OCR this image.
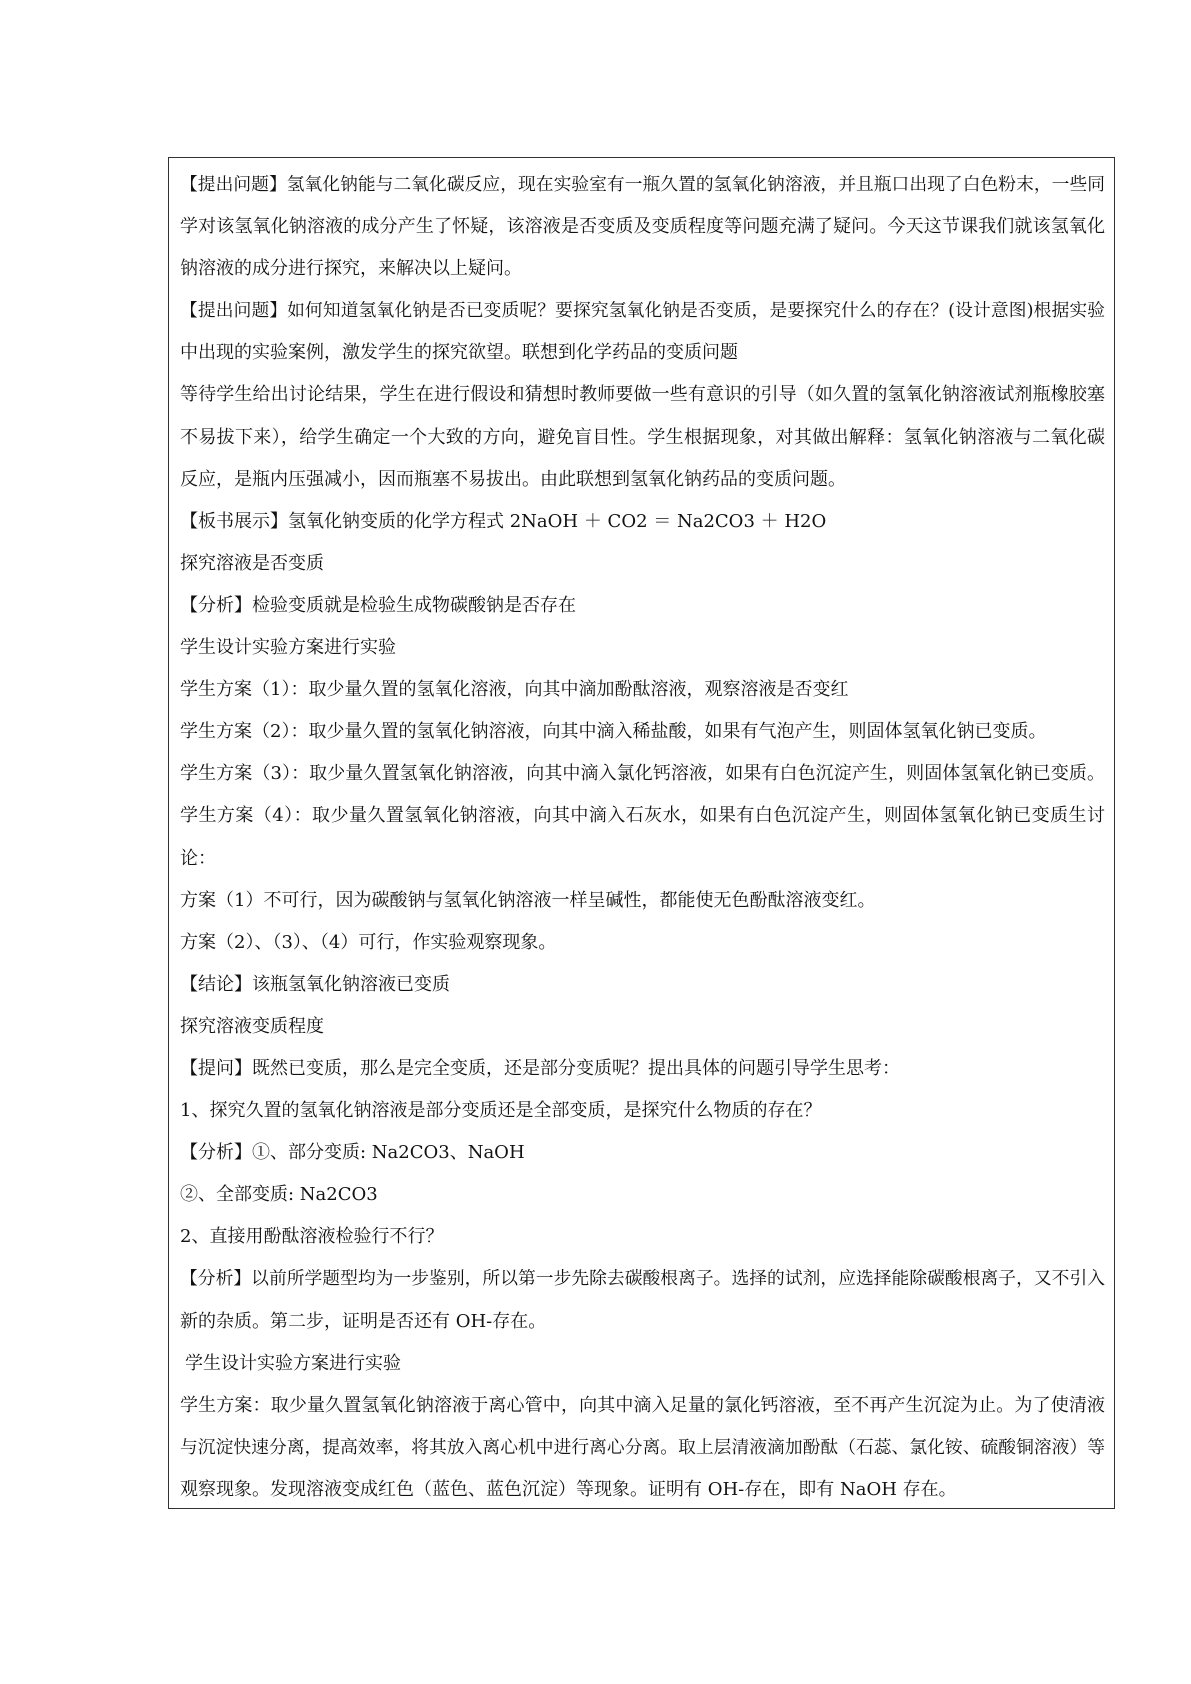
【提出问题】氢氧化钠能与二氧化碳反应，现在实验室有一瓶久置的氢氧化钠溶液，并且瓶口出现了白色粉末，一些同
学对该氢氧化钠溶液的成分产生了怀疑，该溶液是否变质及变质程度等问题充满了疑问。今天这节课我们就该氢氧化
钠溶液的成分进行探究，来解决以上疑问。
【提出问题】如何知道氢氧化钠是否已变质呢？要探究氢氧化钠是否变质，是要探究什么的存在？(设计意图)根据实验
中出现的实验案例，激发学生的探究欲望。联想到化学药品的变质问题
等待学生给出讨论结果，学生在进行假设和猜想时教师要做一些有意识的引导（如久置的氢氧化钠溶液试剂瓶橡胶塞
不易拔下来），给学生确定一个大致的方向，避免盲目性。学生根据现象，对其做出解释：氢氧化钠溶液与二氧化碳
反应，是瓶内压强减小，因而瓶塞不易拔出。由此联想到氢氧化钠药品的变质问题。
【板书展示】氢氧化钠变质的化学方程式 2NaOH ＋ CO2 ＝ Na2CO3 ＋ H2O
探究溶液是否变质
【分析】检验变质就是检验生成物碳酸钠是否存在
学生设计实验方案进行实验
学生方案（1）：取少量久置的氢氧化溶液，向其中滴加酚酞溶液，观察溶液是否变红
学生方案（2）：取少量久置的氢氧化钠溶液，向其中滴入稀盐酸，如果有气泡产生，则固体氢氧化钠已变质。
学生方案（3）：取少量久置氢氧化钠溶液，向其中滴入氯化钙溶液，如果有白色沉淀产生，则固体氢氧化钠已变质。
学生方案（4）：取少量久置氢氧化钠溶液，向其中滴入石灰水，如果有白色沉淀产生，则固体氢氧化钠已变质生讨
论：
方案（1）不可行，因为碳酸钠与氢氧化钠溶液一样呈碱性，都能使无色酚酞溶液变红。
方案（2）、（3）、（4）可行，作实验观察现象。
【结论】该瓶氢氧化钠溶液已变质
探究溶液变质程度
【提问】既然已变质，那么是完全变质，还是部分变质呢？提出具体的问题引导学生思考：
1、探究久置的氢氧化钠溶液是部分变质还是全部变质，是探究什么物质的存在？
【分析】①、部分变质: Na2CO3、NaOH
②、全部变质: Na2CO3
2、直接用酚酞溶液检验行不行？
【分析】以前所学题型均为一步鉴别，所以第一步先除去碳酸根离子。选择的试剂，应选择能除碳酸根离子，又不引入
新的杂质。第二步，证明是否还有 OH-存在。
学生设计实验方案进行实验
学生方案：取少量久置氢氧化钠溶液于离心管中，向其中滴入足量的氯化钙溶液，至不再产生沉淀为止。为了使清液
与沉淀快速分离，提高效率，将其放入离心机中进行离心分离。取上层清液滴加酚酞（石蕊、氯化铵、硫酸铜溶液）等
观察现象。发现溶液变成红色（蓝色、蓝色沉淀）等现象。证明有 OH-存在，即有 NaOH 存在。
